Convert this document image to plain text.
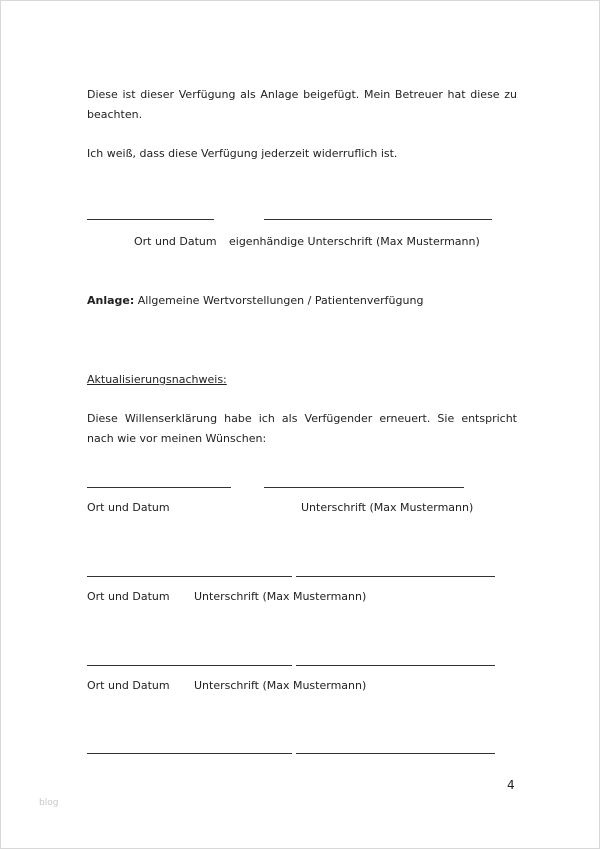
Diese ist dieser Verfügung als Anlage beigefügt. Mein Betreuer hat diese zu beachten.
Ich weiß, dass diese Verfügung jederzeit widerruflich ist.
Ort und Datum eigenhändige Unterschrift (Max Mustermann)
Anlage: Allgemeine Wertvorstellungen / Patientenverfügung
Aktualisierungsnachweis:
Diese Willenserklärung habe ich als Verfügender erneuert. Sie entspricht nach wie vor meinen Wünschen:
Ort und Datum	Unterschrift (Max Mustermann)
Ort und Datum Unterschrift (Max Mustermann)
Ort und Datum Unterschrift (Max Mustermann)
4
blog
